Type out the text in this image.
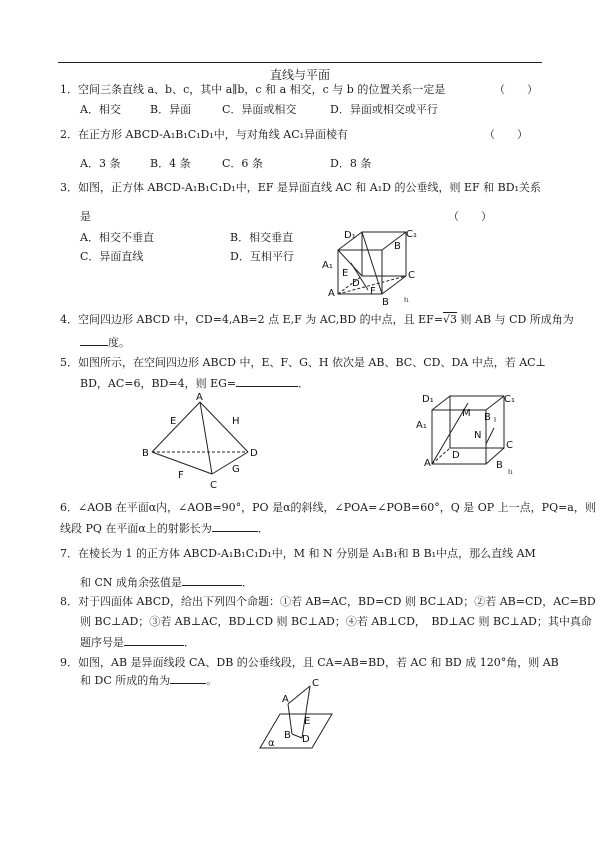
直线与平面
1．空间三条直线 a、b、c，其中 a∥b，c 和 a 相交，c 与 b 的位置关系一定是	（　　）
A．相交	B．异面	C．异面或相交	D．异面或相交或平行
2．在正方形 ABCD-A₁B₁C₁D₁中，与对角线 AC₁异面棱有	（　　）
A．3 条	B．4 条	C．6 条	D．8 条
3．如图，正方体 ABCD-A₁B₁C₁D₁中，EF 是异面直线 AC 和 A₁D 的公垂线，则 EF 和 BD₁关系
是	（　　）
A．相交不垂直	B．相交垂直
C．异面直线	D．互相平行
D₁	C₁
B
A₁
E
D
A	F
B I₁
C
4．空间四边形 ABCD 中，CD=4,AB=2 点 E,F 为 AC,BD 的中点，且 EF=√3 则 AB 与 CD 所成角为
度。
5．如图所示，在空间四边形 ABCD 中，E、F、G、H 依次是 AB、BC、CD、DA 中点，若 AC⊥
BD，AC=6，BD=4，则 EG=	．
A
E	H
B	D
F
G
C
D₁	C₁
M B I
A₁
N
D
C
A	B
I₁
6．∠AOB 在平面α内，∠AOB=90°，PO 是α的斜线，∠POA=∠POB=60°，Q 是 OP 上一点，PQ=a，则
线段 PQ 在平面α上的射影长为	．
7．在棱长为 1 的正方体 ABCD-A₁B₁C₁D₁中，M 和 N 分别是 A₁B₁和 B B₁中点，那么直线 AM
和 CN 成角余弦值是	．
8．对于四面体 ABCD，给出下列四个命题：①若 AB=AC，BD=CD 则 BC⊥AD；②若 AB=CD，AC=BD
则 BC⊥AD；③若 AB⊥AC，BD⊥CD 则 BC⊥AD；④若 AB⊥CD，　BD⊥AC 则 BC⊥AD；其中真命
题序号是	．
9．如图，AB 是异面线段 CA、DB 的公垂线段，且 CA=AB=BD，若 AC 和 BD 成 120°角，则 AB
和 DC 所成的角为	。
A
C
E
B D
α
